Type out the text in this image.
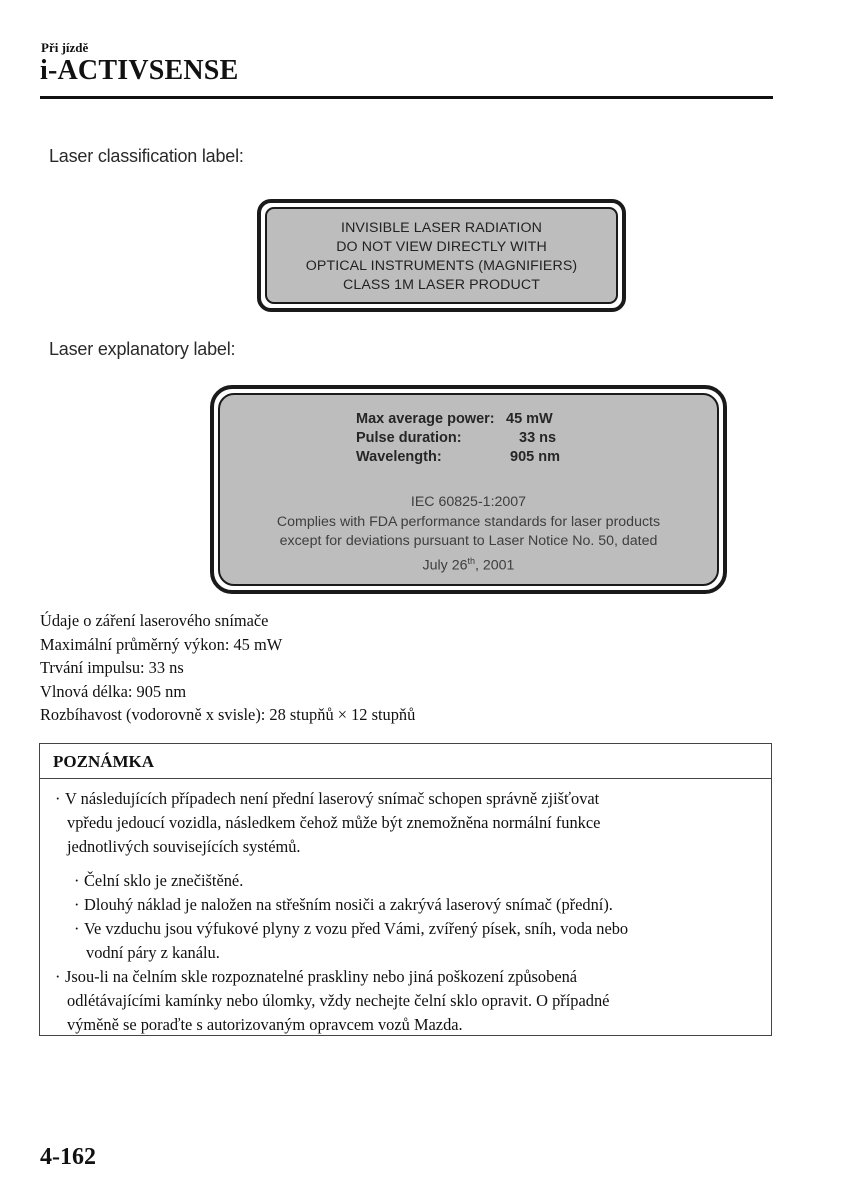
Při jízdě
i-ACTIVSENSE
Laser classification label:
INVISIBLE LASER RADIATION
DO NOT VIEW DIRECTLY WITH
OPTICAL INSTRUMENTS (MAGNIFIERS)
CLASS 1M LASER PRODUCT
Laser explanatory label:
Max average power: 45 mW
Pulse duration:	33 ns
Wavelength:	905 nm
IEC 60825-1:2007
Complies with FDA performance standards for laser products
except for deviations pursuant to Laser Notice No. 50, dated
July 26th, 2001
Údaje o záření laserového snímače
Maximální průměrný výkon: 45 mW
Trvání impulsu: 33 ns
Vlnová délka: 905 nm
Rozbíhavost (vodorovně x svisle): 28 stupňů × 12 stupňů
POZNÁMKA
· V následujících případech není přední laserový snímač schopen správně zjišťovat
vpředu jedoucí vozidla, následkem čehož může být znemožněna normální funkce
jednotlivých souvisejících systémů.
· Čelní sklo je znečištěné.
· Dlouhý náklad je naložen na střešním nosiči a zakrývá laserový snímač (přední).
· Ve vzduchu jsou výfukové plyny z vozu před Vámi, zvířený písek, sníh, voda nebo
vodní páry z kanálu.
· Jsou-li na čelním skle rozpoznatelné praskliny nebo jiná poškození způsobená
odlétávajícími kamínky nebo úlomky, vždy nechejte čelní sklo opravit. O případné
výměně se poraďte s autorizovaným opravcem vozů Mazda.
4-162
